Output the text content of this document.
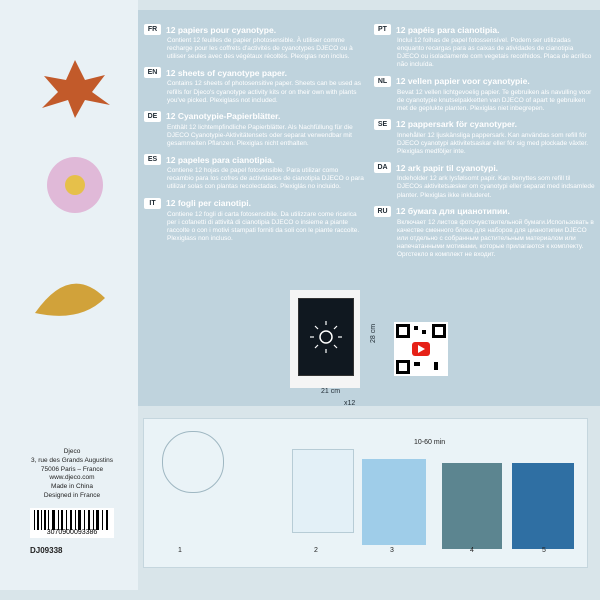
FR	12 papiers pour cyanotype.
Contient 12 feuilles de papier photosensible. À utiliser comme recharge pour les coffrets d'activités de cyanotypes DJECO ou à utiliser seules avec des végétaux récoltés. Plexiglas non inclus.
EN	12 sheets of cyanotype paper.
Contains 12 sheets of photosensitive paper. Sheets can be used as refills for Djeco's cyanotype activity kits or on their own with plants you've picked. Plexiglass not included.
DE	12 Cyanotypie-Papierblätter.
Enthält 12 lichtempfindliche Papierblätter. Als Nachfüllung für die DJECO Cyanotypie-Aktivitätensets oder separat verwendbar mit gesammelten Pflanzen. Plexiglas nicht enthalten.
ES	12 papeles para cianotipia.
Contiene 12 hojas de papel fotosensible. Para utilizar como recambio para los cofres de actividades de cianotipia DJECO o para utilizar solas con plantas recolectadas. Plexiglás no incluido.
IT	12 fogli per cianotipi.
Contiene 12 fogli di carta fotosensibile. Da utilizzare come ricarica per i cofanetti di attività di cianotipia DJECO o insieme a piante raccolte o con i motivi stampati forniti da soli con le piante raccolte. Plexiglass non incluso.
PT	12 papéis para cianotipia.
Inclui 12 folhas de papel fotossensível. Podem ser utilizadas enquanto recargas para as caixas de atividades de cianotipia DJECO ou isoladamente com vegetais recolhidos. Placa de acrílico não incluída.
NL	12 vellen papier voor cyanotypie.
Bevat 12 vellen lichtgevoelig papier. Te gebruiken als navulling voor de cyanotypie knutselpakketten van DJECO of apart te gebruiken met de geplukte planten. Plexiglas niet inbegrepen.
SE	12 pappersark för cyanotyper.
Innehåller 12 ljuskänsliga pappersark. Kan användas som refill för DJECO cyanotypi aktivitetsaskar eller för sig med plockade växter. Plexiglas medföljer inte.
DA 12 ark papir til cyanotypi.
Indeholder 12 ark lysfølsomt papir. Kan benyttes som refill til DJECOs aktivitetsæsker om cyanotypi eller separat med indsamlede planter. Plexiglas ikke inkluderet.
RU 12 бумага для цианотипии.
Включает 12 листов фоточувствительной бумаги.Использовать в качестве сменного блока для наборов для цианотипии DJECO или отдельно с собранным растительным материалом или напечатанными мотивами, которые прилагаются к комплекту. Оргстекло в комплект не входит.
21 cm
28 cm
x12
1	2	3	4	5
10-60 min
Djeco
3, rue des Grands Augustins
75006 Paris – France
www.djeco.com
Made in China
Designed in France
3070900093386
DJ09338
